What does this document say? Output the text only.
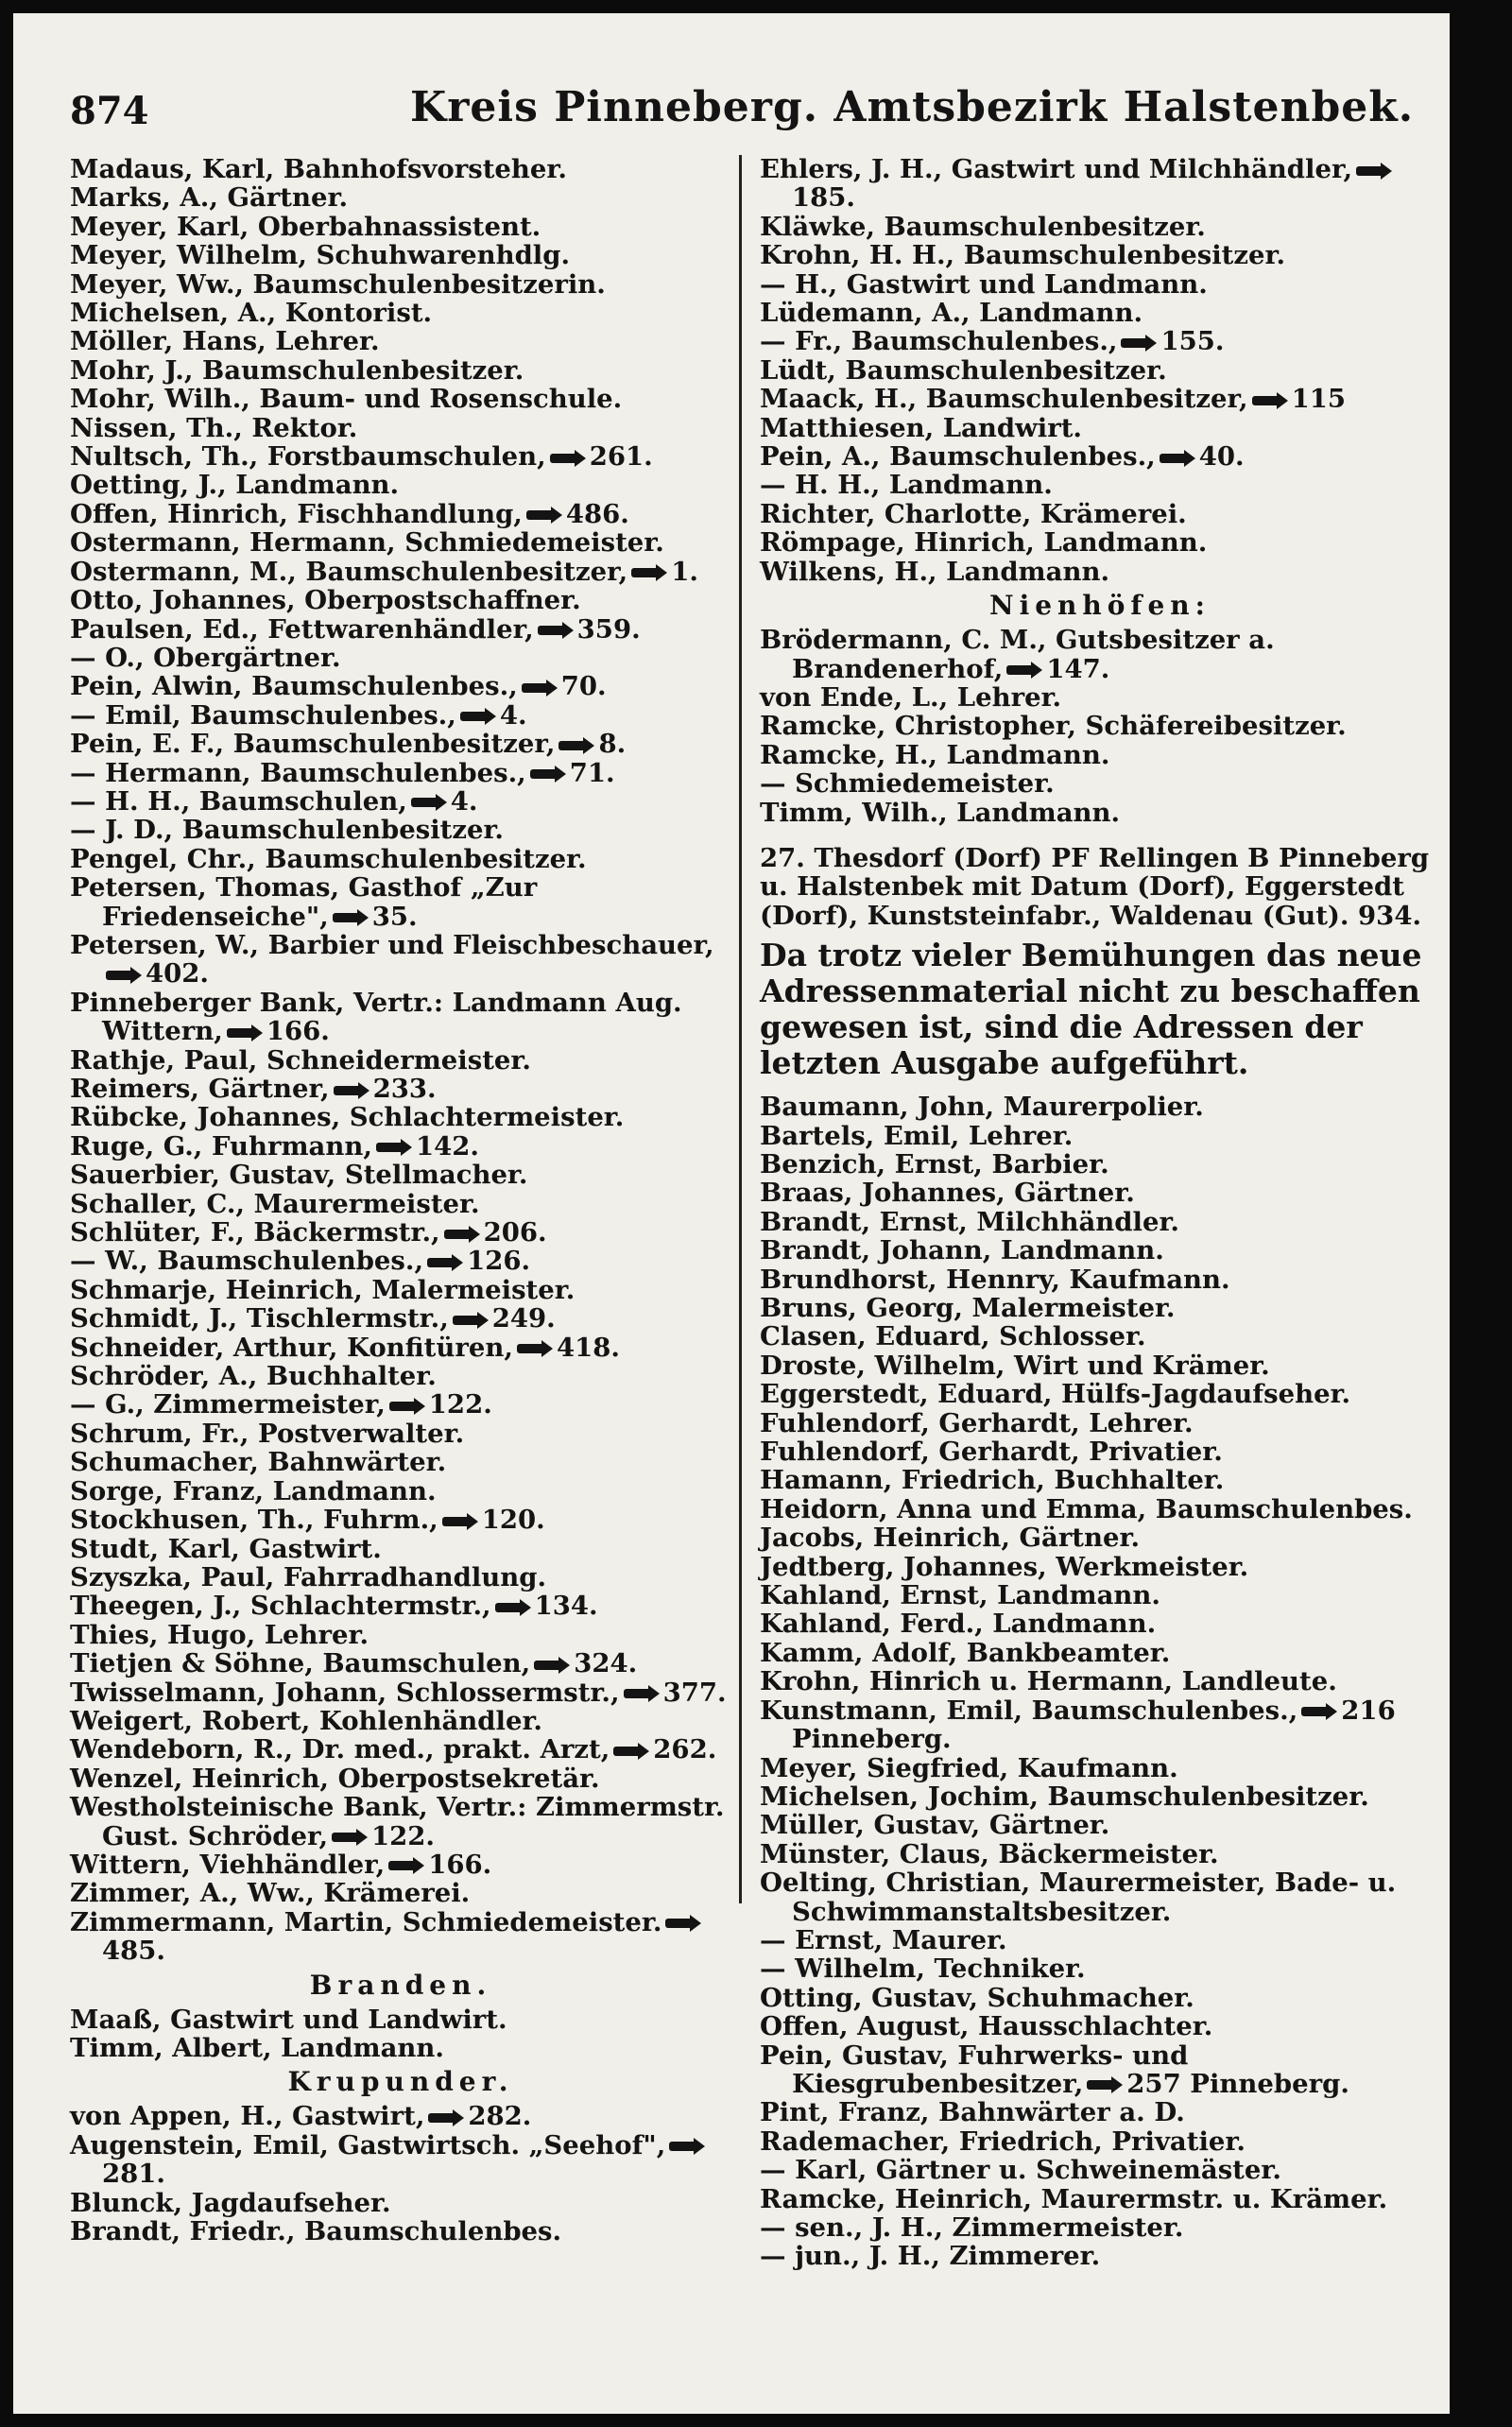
874	Kreis Pinneberg. Amtsbezirk Halstenbek.
Madaus, Karl, Bahnhofsvorsteher.
Marks, A., Gärtner.
Meyer, Karl, Oberbahnassistent.
Meyer, Wilhelm, Schuhwarenhdlg.
Meyer, Ww., Baumschulenbesitzerin.
Michelsen, A., Kontorist.
Möller, Hans, Lehrer.
Mohr, J., Baumschulenbesitzer.
Mohr, Wilh., Baum- und Rosenschule.
Nissen, Th., Rektor.
Nultsch, Th., Forstbaumschulen, 261.
Oetting, J., Landmann.
Offen, Hinrich, Fischhandlung, 486.
Ostermann, Hermann, Schmiedemeister.
Ostermann, M., Baumschulenbesitzer, 1.
Otto, Johannes, Oberpostschaffner.
Paulsen, Ed., Fettwarenhändler, 359.
— O., Obergärtner.
Pein, Alwin, Baumschulenbes., 70.
— Emil, Baumschulenbes., 4.
Pein, E. F., Baumschulenbesitzer, 8.
— Hermann, Baumschulenbes., 71.
— H. H., Baumschulen, 4.
— J. D., Baumschulenbesitzer.
Pengel, Chr., Baumschulenbesitzer.
Petersen, Thomas, Gasthof „Zur Friedenseiche", 35.
Petersen, W., Barbier und Fleischbeschauer,402.
Pinneberger Bank, Vertr.: Landmann Aug. Wittern, 166.
Rathje, Paul, Schneidermeister.
Reimers, Gärtner, 233.
Rübcke, Johannes, Schlachtermeister.
Ruge, G., Fuhrmann, 142.
Sauerbier, Gustav, Stellmacher.
Schaller, C., Maurermeister.
Schlüter, F., Bäckermstr., 206.
— W., Baumschulenbes., 126.
Schmarje, Heinrich, Malermeister.
Schmidt, J., Tischlermstr., 249.
Schneider, Arthur, Konfitüren, 418.
Schröder, A., Buchhalter.
— G., Zimmermeister, 122.
Schrum, Fr., Postverwalter.
Schumacher, Bahnwärter.
Sorge, Franz, Landmann.
Stockhusen, Th., Fuhrm., 120.
Studt, Karl, Gastwirt.
Szyszka, Paul, Fahrradhandlung.
Theegen, J., Schlachtermstr., 134.
Thies, Hugo, Lehrer.
Tietjen & Söhne, Baumschulen, 324.
Twisselmann, Johann, Schlossermstr., 377.
Weigert, Robert, Kohlenhändler.
Wendeborn, R., Dr. med., prakt. Arzt, 262.
Wenzel, Heinrich, Oberpostsekretär.
Westholsteinische Bank, Vertr.: Zimmermstr. Gust. Schröder, 122.
Wittern, Viehhändler, 166.
Zimmer, A., Ww., Krämerei.
Zimmermann, Martin, Schmiedemeister.485.
Branden.
Maaß, Gastwirt und Landwirt.
Timm, Albert, Landmann.
Krupunder.
von Appen, H., Gastwirt, 282.
Augenstein, Emil, Gastwirtsch. „Seehof",281.
Blunck, Jagdaufseher.
Brandt, Friedr., Baumschulenbes.
Ehlers, J. H., Gastwirt und Milchhändler,185.
Kläwke, Baumschulenbesitzer.
Krohn, H. H., Baumschulenbesitzer.
— H., Gastwirt und Landmann.
Lüdemann, A., Landmann.
— Fr., Baumschulenbes., 155.
Lüdt, Baumschulenbesitzer.
Maack, H., Baumschulenbesitzer, 115
Matthiesen, Landwirt.
Pein, A., Baumschulenbes., 40.
— H. H., Landmann.
Richter, Charlotte, Krämerei.
Römpage, Hinrich, Landmann.
Wilkens, H., Landmann.
Nienhöfen:
Brödermann, C. M., Gutsbesitzer a. Brandenerhof, 147.
von Ende, L., Lehrer.
Ramcke, Christopher, Schäfereibesitzer.
Ramcke, H., Landmann.
— Schmiedemeister.
Timm, Wilh., Landmann.
27. Thesdorf (Dorf) PF Rellingen B Pinneberg u. Halstenbek mit Datum (Dorf), Eggerstedt (Dorf), Kunststeinfabr., Waldenau (Gut). 934.
Da trotz vieler Bemühungen das neue Adressenmaterial nicht zu beschaffen gewesen ist, sind die Adressen der letzten Ausgabe aufgeführt.
Baumann, John, Maurerpolier.
Bartels, Emil, Lehrer.
Benzich, Ernst, Barbier.
Braas, Johannes, Gärtner.
Brandt, Ernst, Milchhändler.
Brandt, Johann, Landmann.
Brundhorst, Hennry, Kaufmann.
Bruns, Georg, Malermeister.
Clasen, Eduard, Schlosser.
Droste, Wilhelm, Wirt und Krämer.
Eggerstedt, Eduard, Hülfs-Jagdaufseher.
Fuhlendorf, Gerhardt, Lehrer.
Fuhlendorf, Gerhardt, Privatier.
Hamann, Friedrich, Buchhalter.
Heidorn, Anna und Emma, Baumschulenbes.
Jacobs, Heinrich, Gärtner.
Jedtberg, Johannes, Werkmeister.
Kahland, Ernst, Landmann.
Kahland, Ferd., Landmann.
Kamm, Adolf, Bankbeamter.
Krohn, Hinrich u. Hermann, Landleute.
Kunstmann, Emil, Baumschulenbes., 216 Pinneberg.
Meyer, Siegfried, Kaufmann.
Michelsen, Jochim, Baumschulenbesitzer.
Müller, Gustav, Gärtner.
Münster, Claus, Bäckermeister.
Oelting, Christian, Maurermeister, Bade- u. Schwimmanstaltsbesitzer.
— Ernst, Maurer.
— Wilhelm, Techniker.
Otting, Gustav, Schuhmacher.
Offen, August, Hausschlachter.
Pein, Gustav, Fuhrwerks- und Kiesgrubenbesitzer, 257 Pinneberg.
Pint, Franz, Bahnwärter a. D.
Rademacher, Friedrich, Privatier.
— Karl, Gärtner u. Schweinemäster.
Ramcke, Heinrich, Maurermstr. u. Krämer.
— sen., J. H., Zimmermeister.
— jun., J. H., Zimmerer.
